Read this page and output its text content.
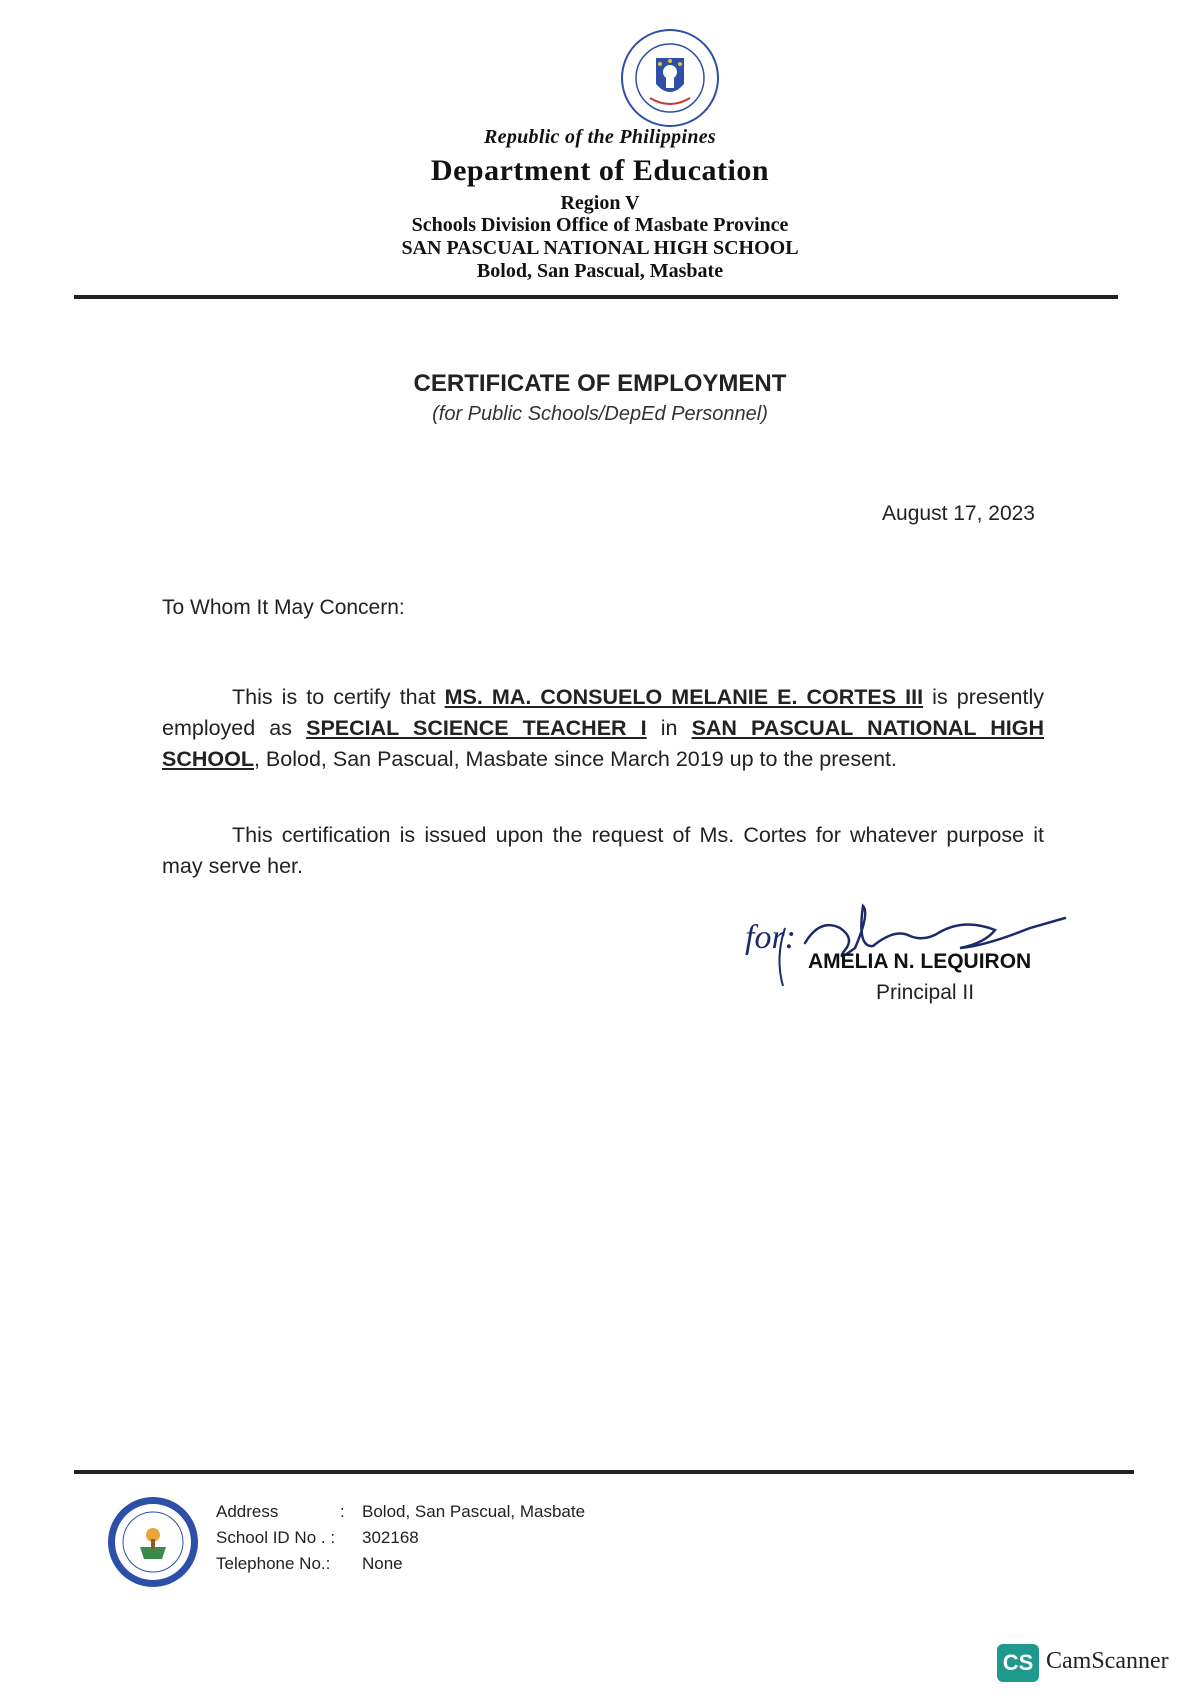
Republic of the Philippines
Department of Education
Region V
Schools Division Office of Masbate Province
SAN PASCUAL NATIONAL HIGH SCHOOL
Bolod, San Pascual, Masbate
CERTIFICATE OF EMPLOYMENT
(for Public Schools/DepEd Personnel)
August 17, 2023
To Whom It May Concern:
This is to certify that MS. MA. CONSUELO MELANIE E. CORTES III is presently employed as SPECIAL SCIENCE TEACHER I in SAN PASCUAL NATIONAL HIGH SCHOOL, Bolod, San Pascual, Masbate since March 2019 up to the present.
This certification is issued upon the request of Ms. Cortes for whatever purpose it may serve her.
for:
AMELIA N. LEQUIRON
Principal II
Address	: Bolod, San Pascual, Masbate
School ID No . : 302168
Telephone No.: None
CS CamScanner
